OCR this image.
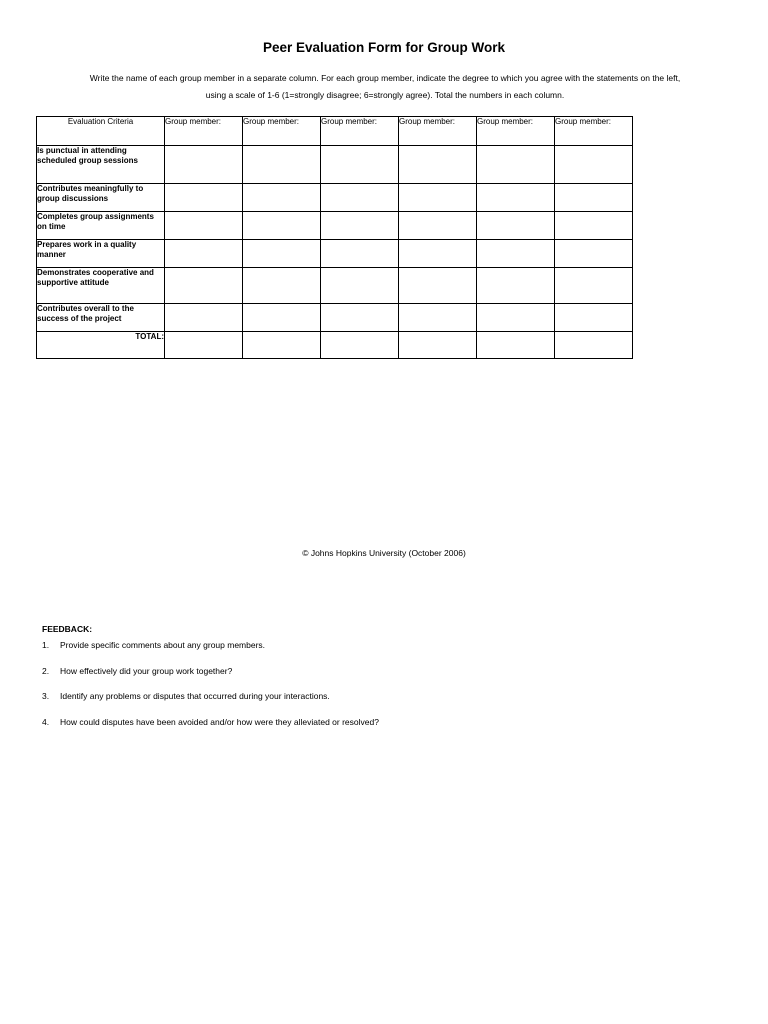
Peer Evaluation Form for Group Work
Write the name of each group member in a separate column. For each group member, indicate the degree to which you agree with the statements on the left,
using a scale of 1-6 (1=strongly disagree; 6=strongly agree). Total the numbers in each column.
Evaluation Criteria	Group member:	Group member:	Group member:	Group member:	Group member:	Group member:
Is punctual in attending scheduled group sessions						
Contributes meaningfully to group discussions						
Completes group assignments on time						
Prepares work in a quality manner						
Demonstrates cooperative and supportive attitude						
Contributes overall to the success of the project						
TOTAL:						
© Johns Hopkins University (October 2006)
FEEDBACK:
1.	Provide specific comments about any group members.
2.	How effectively did your group work together?
3.	Identify any problems or disputes that occurred during your interactions.
4.	How could disputes have been avoided and/or how were they alleviated or resolved?
